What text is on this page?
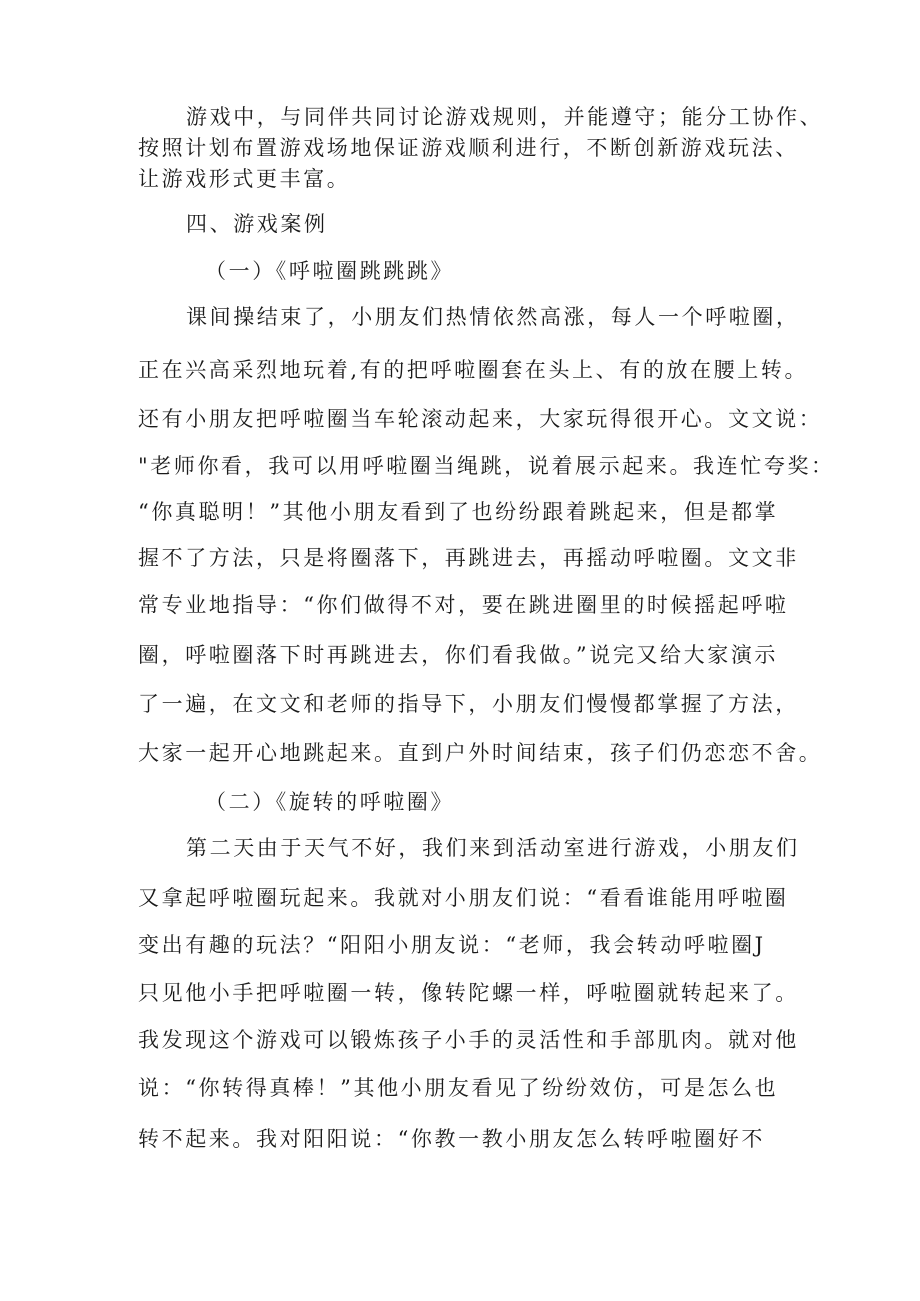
游戏中，与同伴共同讨论游戏规则，并能遵守；能分工协作、
按照计划布置游戏场地保证游戏顺利进行，不断创新游戏玩法、
让游戏形式更丰富。
四、游戏案例
（一）《呼啦圈跳跳跳》
课间操结束了，小朋友们热情依然高涨，每人一个呼啦圈，
正在兴高采烈地玩着,有的把呼啦圈套在头上、有的放在腰上转。
还有小朋友把呼啦圈当车轮滚动起来，大家玩得很开心。文文说：
"老师你看，我可以用呼啦圈当绳跳，说着展示起来。我连忙夸奖：
“你真聪明！”其他小朋友看到了也纷纷跟着跳起来，但是都掌
握不了方法，只是将圈落下，再跳进去，再摇动呼啦圈。文文非
常专业地指导：“你们做得不对，要在跳进圈里的时候摇起呼啦
圈，呼啦圈落下时再跳进去，你们看我做。”说完又给大家演示
了一遍，在文文和老师的指导下，小朋友们慢慢都掌握了方法，
大家一起开心地跳起来。直到户外时间结束，孩子们仍恋恋不舍。
（二）《旋转的呼啦圈》
第二天由于天气不好，我们来到活动室进行游戏，小朋友们
又拿起呼啦圈玩起来。我就对小朋友们说：“看看谁能用呼啦圈
变出有趣的玩法？“阳阳小朋友说：“老师，我会转动呼啦圈J
只见他小手把呼啦圈一转，像转陀螺一样，呼啦圈就转起来了。
我发现这个游戏可以锻炼孩子小手的灵活性和手部肌肉。就对他
说：“你转得真棒！”其他小朋友看见了纷纷效仿，可是怎么也
转不起来。我对阳阳说：“你教一教小朋友怎么转呼啦圈好不
